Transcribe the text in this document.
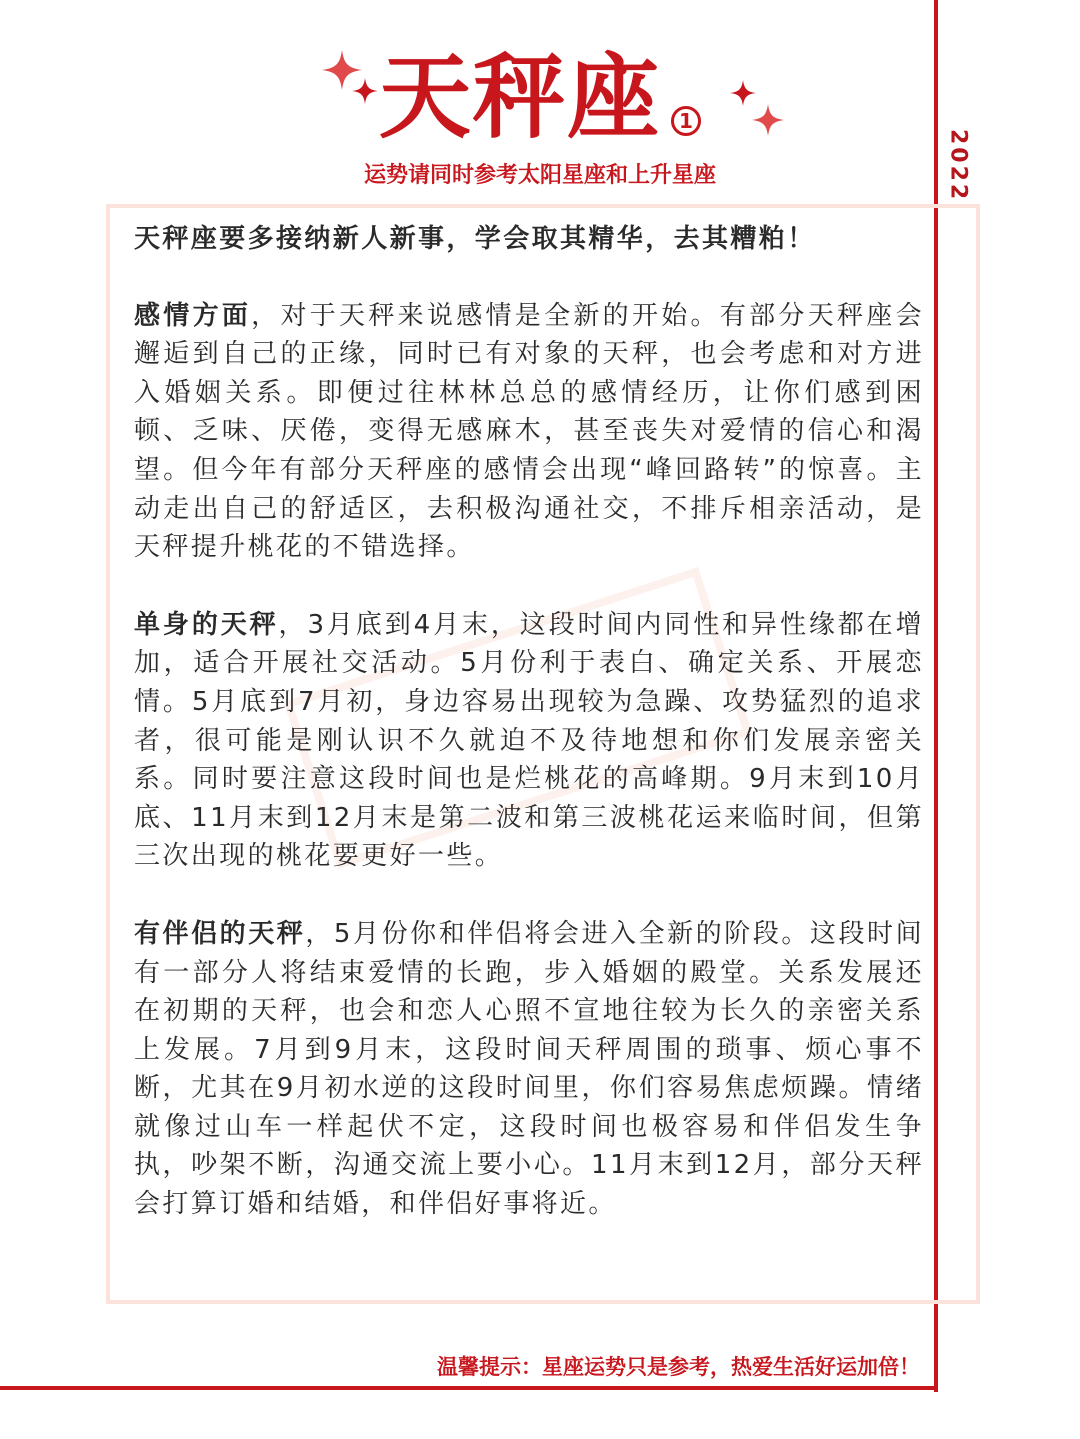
2022
天秤座 1
运势请同时参考太阳星座和上升星座

天秤座要多接纳新人新事，学会取其精华，去其糟粕！

感情方面，对于天秤来说感情是全新的开始。有部分天秤座会邂逅到自己的正缘，同时已有对象的天秤，也会考虑和对方进入婚姻关系。即便过往林林总总的感情经历，让你们感到困顿、乏味、厌倦，变得无感麻木，甚至丧失对爱情的信心和渴望。但今年有部分天秤座的感情会出现“峰回路转”的惊喜。主动走出自己的舒适区，去积极沟通社交，不排斥相亲活动，是天秤提升桃花的不错选择。

单身的天秤，3月底到4月末，这段时间内同性和异性缘都在增加，适合开展社交活动。5月份利于表白、确定关系、开展恋情。5月底到7月初，身边容易出现较为急躁、攻势猛烈的追求者，很可能是刚认识不久就迫不及待地想和你们发展亲密关系。同时要注意这段时间也是烂桃花的高峰期。9月末到10月底、11月末到12月末是第二波和第三波桃花运来临时间，但第三次出现的桃花要更好一些。

有伴侣的天秤，5月份你和伴侣将会进入全新的阶段。这段时间有一部分人将结束爱情的长跑，步入婚姻的殿堂。关系发展还在初期的天秤，也会和恋人心照不宣地往较为长久的亲密关系上发展。7月到9月末，这段时间天秤周围的琐事、烦心事不断，尤其在9月初水逆的这段时间里，你们容易焦虑烦躁。情绪就像过山车一样起伏不定，这段时间也极容易和伴侣发生争执，吵架不断，沟通交流上要小心。11月末到12月，部分天秤会打算订婚和结婚，和伴侣好事将近。

温馨提示：星座运势只是参考，热爱生活好运加倍！
